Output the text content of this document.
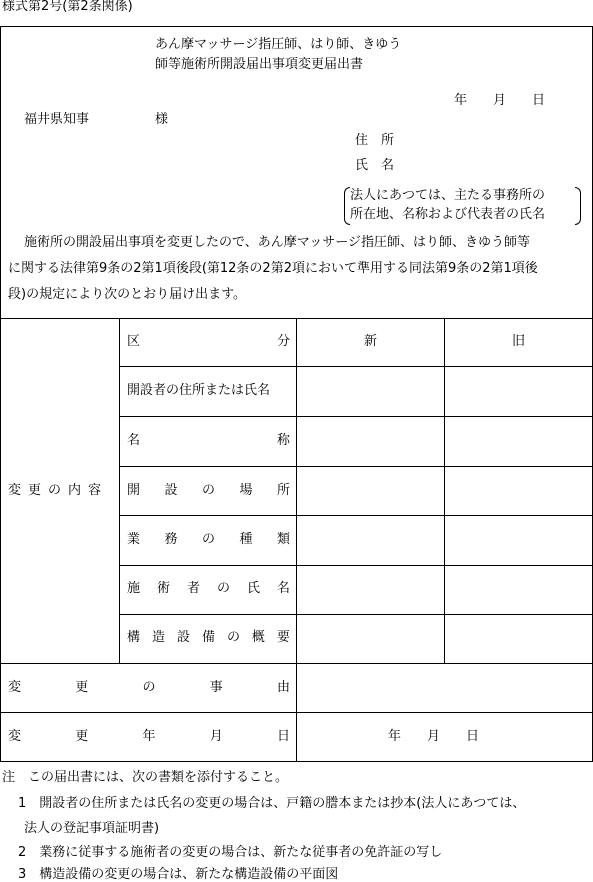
様式第2号(第2条関係)
あん摩マッサージ指圧師、はり師、きゆう
師等施術所開設届出事項変更届出書
年　　月　　日
福井県知事	様
住　所
氏　名
法人にあつては、主たる事務所の
所在地、名称および代表者の氏名
施術所の開設届出事項を変更したので、あん摩マッサージ指圧師、はり師、きゆう師等
に関する法律第9条の2第1項後段(第12条の2第2項において準用する同法第9条の2第1項後
段)の規定により次のとおり届け出ます。
変更の内容
区	分	新	旧
開設者の住所または氏名
名	称
開 設 の 場 所
業 務 の 種 類
施 術 者 の 氏 名
構 造 設 備 の 概 要
変	更	の	事	由
変	更	年	月	日	年　　月　　日
注　この届出書には、次の書類を添付すること。
1　開設者の住所または氏名の変更の場合は、戸籍の謄本または抄本(法人にあつては、
法人の登記事項証明書)
2　業務に従事する施術者の変更の場合は、新たな従事者の免許証の写し
3　構造設備の変更の場合は、新たな構造設備の平面図
